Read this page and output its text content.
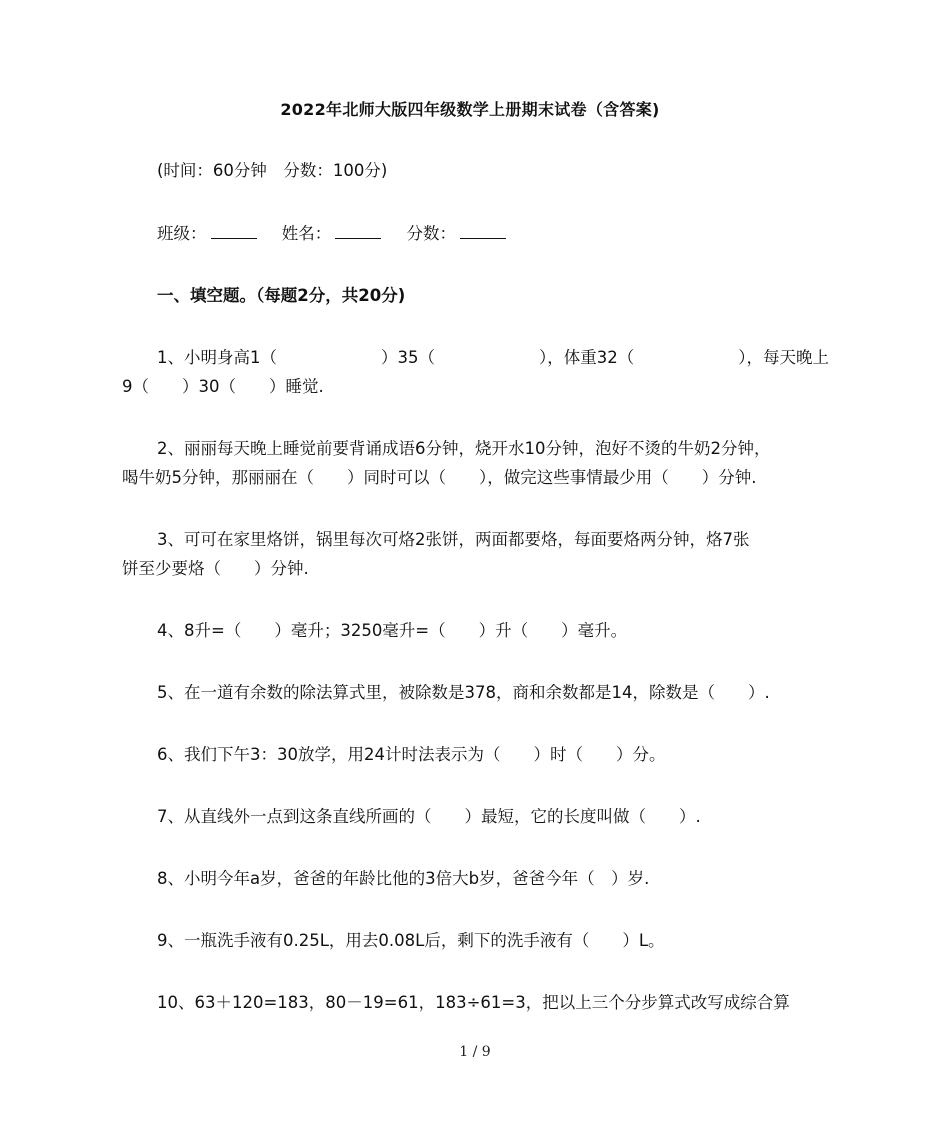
2022年北师大版四年级数学上册期末试卷（含答案)
(时间：60分钟　分数：100分)
班级：	姓名：	分数：
一、填空题。（每题2分，共20分)
1、小明身高1（	）35（	），体重32（	），每天晚上
9（　　）30（　　）睡觉.
2、丽丽每天晚上睡觉前要背诵成语6分钟，烧开水10分钟，泡好不烫的牛奶2分钟，
喝牛奶5分钟，那丽丽在（　　）同时可以（　　），做完这些事情最少用（　　）分钟.
3、可可在家里烙饼，锅里每次可烙2张饼，两面都要烙，每面要烙两分钟，烙7张
饼至少要烙（　　）分钟.
4、8升=（　　）毫升；3250毫升=（　　）升（　　）毫升。
5、在一道有余数的除法算式里，被除数是378，商和余数都是14，除数是（　　）.
6、我们下午3：30放学，用24计时法表示为（　　）时（　　）分。
7、从直线外一点到这条直线所画的（　　）最短，它的长度叫做（　　）.
8、小明今年a岁，爸爸的年龄比他的3倍大b岁，爸爸今年（　）岁.
9、一瓶洗手液有0.25L，用去0.08L后，剩下的洗手液有（　　）L。
10、63＋120=183，80－19=61，183÷61=3，把以上三个分步算式改写成综合算
1 / 9
